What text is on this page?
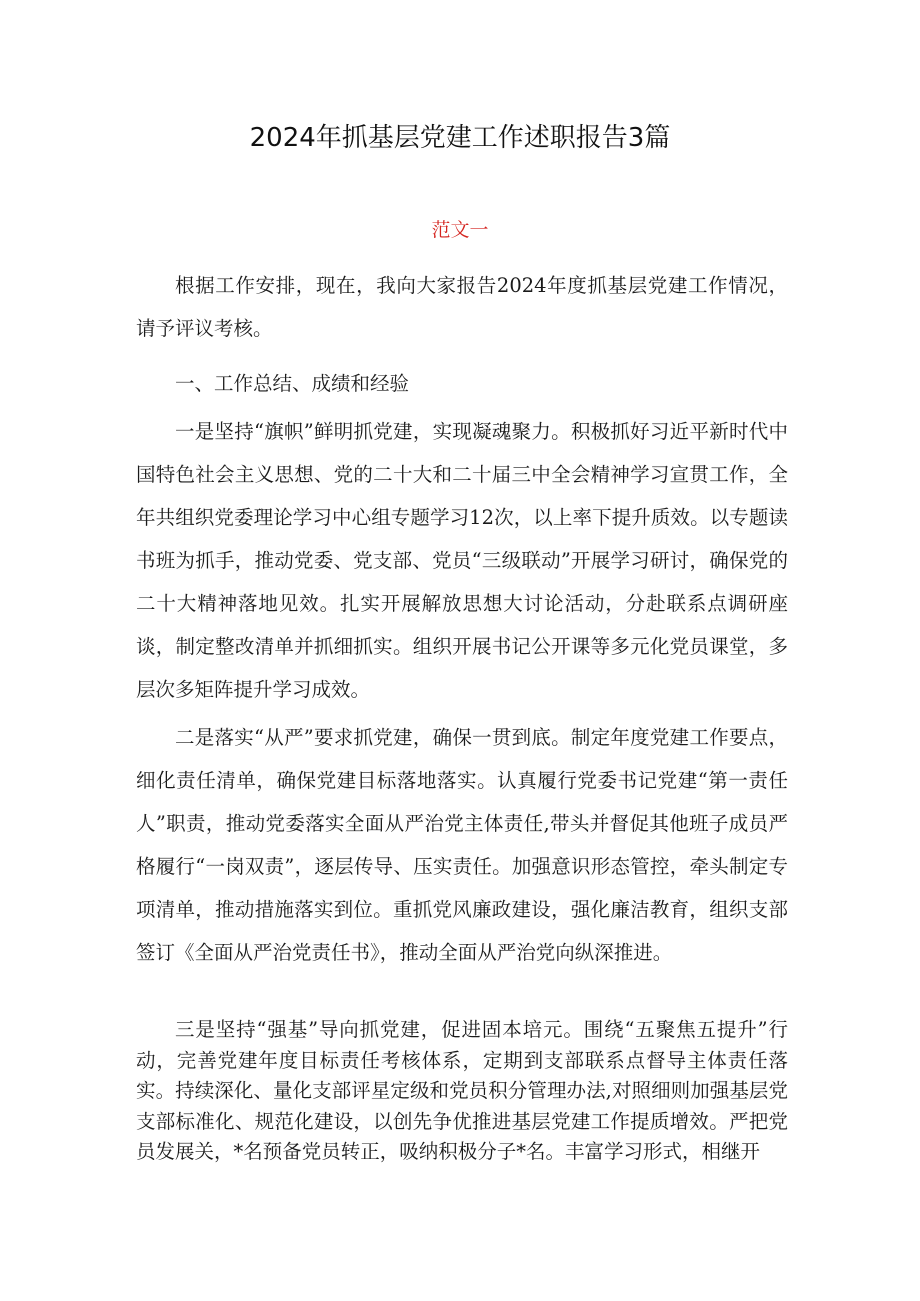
2024年抓基层党建工作述职报告3篇
范文一

根据工作安排，现在，我向大家报告2024年度抓基层党建工作情况，请予评议考核。

一、工作总结、成绩和经验

一是坚持“旗帜”鲜明抓党建，实现凝魂聚力。积极抓好习近平新时代中国特色社会主义思想、党的二十大和二十届三中全会精神学习宣贯工作，全年共组织党委理论学习中心组专题学习12次，以上率下提升质效。以专题读书班为抓手，推动党委、党支部、党员“三级联动”开展学习研讨，确保党的二十大精神落地见效。扎实开展解放思想大讨论活动，分赴联系点调研座谈，制定整改清单并抓细抓实。组织开展书记公开课等多元化党员课堂，多层次多矩阵提升学习成效。

二是落实“从严”要求抓党建，确保一贯到底。制定年度党建工作要点，细化责任清单，确保党建目标落地落实。认真履行党委书记党建“第一责任人”职责，推动党委落实全面从严治党主体责任,带头并督促其他班子成员严格履行“一岗双责”，逐层传导、压实责任。加强意识形态管控，牵头制定专项清单，推动措施落实到位。重抓党风廉政建设，强化廉洁教育，组织支部签订《全面从严治党责任书》，推动全面从严治党向纵深推进。

三是坚持“强基”导向抓党建，促进固本培元。围绕“五聚焦五提升”行动，完善党建年度目标责任考核体系，定期到支部联系点督导主体责任落实。持续深化、量化支部评星定级和党员积分管理办法,对照细则加强基层党支部标准化、规范化建设，以创先争优推进基层党建工作提质增效。严把党员发展关，*名预备党员转正，吸纳积极分子*名。丰富学习形式，相继开
